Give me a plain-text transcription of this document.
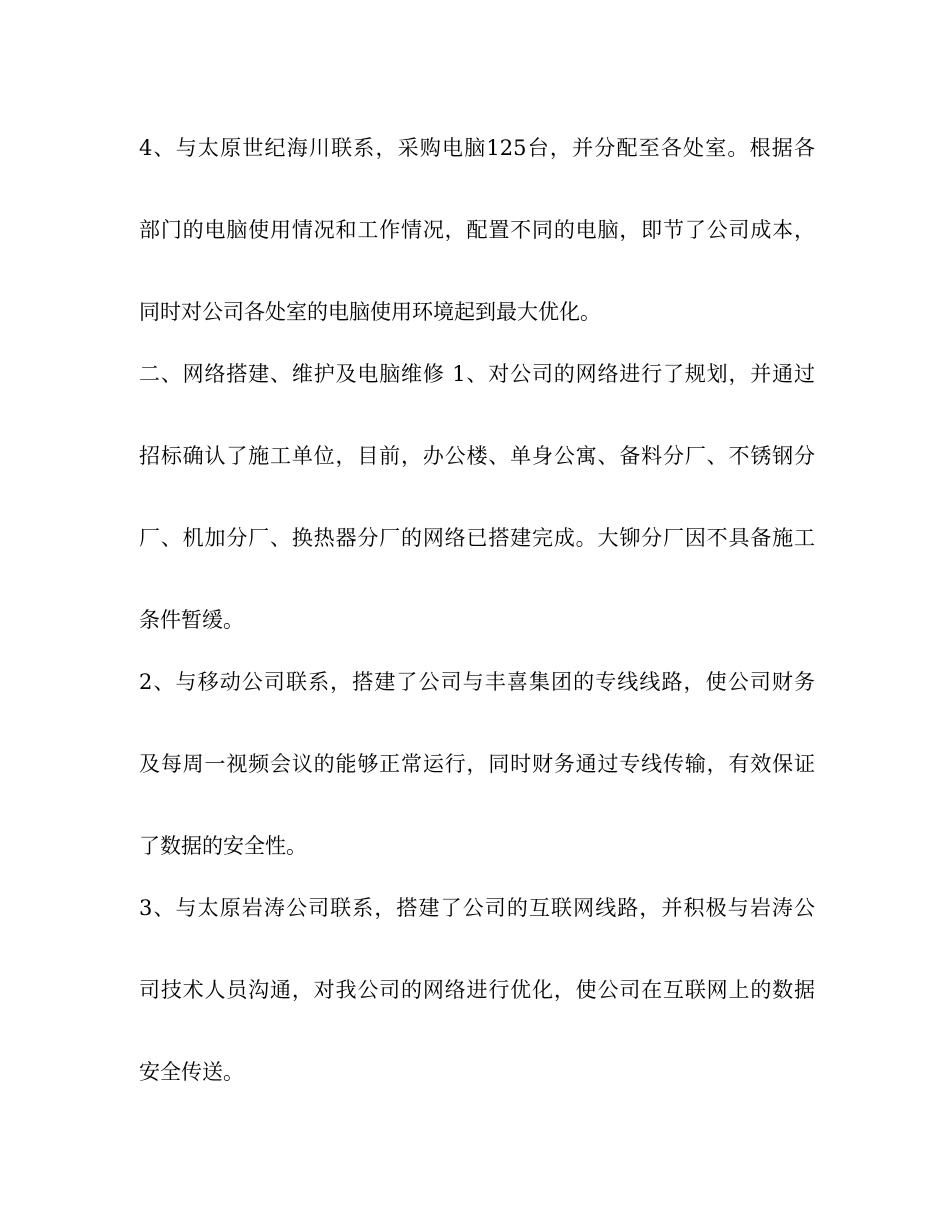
4、与太原世纪海川联系，采购电脑125台，并分配至各处室。根据各
部门的电脑使用情况和工作情况，配置不同的电脑，即节了公司成本，
同时对公司各处室的电脑使用环境起到最大优化。
二、网络搭建、维护及电脑维修 1、对公司的网络进行了规划，并通过
招标确认了施工单位，目前，办公楼、单身公寓、备料分厂、不锈钢分
厂、机加分厂、换热器分厂的网络已搭建完成。大铆分厂因不具备施工
条件暂缓。
2、与移动公司联系，搭建了公司与丰喜集团的专线线路，使公司财务
及每周一视频会议的能够正常运行，同时财务通过专线传输，有效保证
了数据的安全性。
3、与太原岩涛公司联系，搭建了公司的互联网线路，并积极与岩涛公
司技术人员沟通，对我公司的网络进行优化，使公司在互联网上的数据
安全传送。
